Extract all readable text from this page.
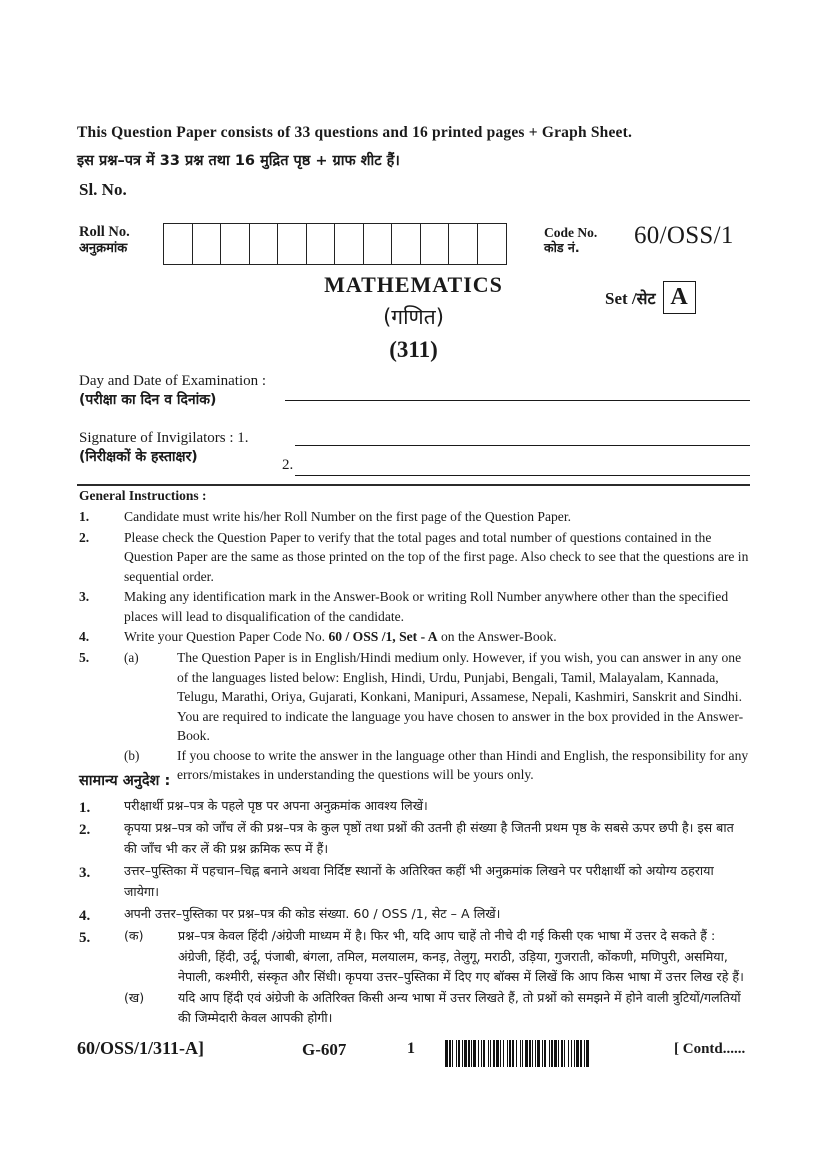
This Question Paper consists of 33 questions and 16 printed pages + Graph Sheet.
इस प्रश्न–पत्र में 33 प्रश्न तथा 16 मुद्रित पृष्ठ + ग्राफ शीट हैं।
Sl. No.
Roll No.
अनुक्रमांक
Code No.
कोड नं.	60/OSS/1
MATHEMATICS
(गणित)
(311)
Set /सेट A
Day and Date of Examination :
(परीक्षा का दिन व दिनांक)
Signature of Invigilators : 1.
(निरीक्षकों के हस्ताक्षर)	2.
General Instructions :
1.	Candidate must write his/her Roll Number on the first page of the Question Paper.
2.	Please check the Question Paper to verify that the total pages and total number of questions contained in the Question Paper are the same as those printed on the top of the first page. Also check to see that the questions are in sequential order.
3.	Making any identification mark in the Answer-Book or writing Roll Number anywhere other than the specified places will lead to disqualification of the candidate.
4.	Write your Question Paper Code No. 60 / OSS /1, Set - A on the Answer-Book.
5.	(a)	The Question Paper is in English/Hindi medium only. However, if you wish, you can answer in any one of the languages listed below: English, Hindi, Urdu, Punjabi, Bengali, Tamil, Malayalam, Kannada, Telugu, Marathi, Oriya, Gujarati, Konkani, Manipuri, Assamese, Nepali, Kashmiri, Sanskrit and Sindhi. You are required to indicate the language you have chosen to answer in the box provided in the Answer-Book.
(b)	If you choose to write the answer in the language other than Hindi and English, the responsibility for any errors/mistakes in understanding the questions will be yours only.
सामान्य अनुदेश :
1.	परीक्षार्थी प्रश्न–पत्र के पहले पृष्ठ पर अपना अनुक्रमांक आवश्य लिखें।
2.	कृपया प्रश्न–पत्र को जाँच लें की प्रश्न–पत्र के कुल पृष्ठों तथा प्रश्नों की उतनी ही संख्या है जितनी प्रथम पृष्ठ के सबसे ऊपर छपी है। इस बात की जाँच भी कर लें की प्रश्न क्रमिक रूप में हैं।
3.	उत्तर–पुस्तिका में पहचान–चिह्न बनाने अथवा निर्दिष्ट स्थानों के अतिरिक्त कहीं भी अनुक्रमांक लिखने पर परीक्षार्थी को अयोग्य ठहराया जायेगा।
4.	अपनी उत्तर–पुस्तिका पर प्रश्न–पत्र की कोड संख्या. 60 / OSS /1, सेट – A लिखें।
5.	(क)	प्रश्न–पत्र केवल हिंदी /अंग्रेजी माध्यम में है। फिर भी, यदि आप चाहें तो नीचे दी गई किसी एक भाषा में उत्तर दे सकते हैं : अंग्रेजी, हिंदी, उर्दू, पंजाबी, बंगला, तमिल, मलयालम, कनड़, तेलुगू, मराठी, उड़िया, गुजराती, कोंकणी, मणिपुरी, असमिया, नेपाली, कश्मीरी, संस्कृत और सिंधी। कृपया उत्तर–पुस्तिका में दिए गए बॉक्स में लिखें कि आप किस भाषा में उत्तर लिख रहे हैं।
(ख)	यदि आप हिंदी एवं अंग्रेजी के अतिरिक्त किसी अन्य भाषा में उत्तर लिखते हैं, तो प्रश्नों को समझने में होने वाली त्रुटियों/गलतियों की जिम्मेदारी केवल आपकी होगी।
60/OSS/1/311-A]	G-607	1	[ Contd......
